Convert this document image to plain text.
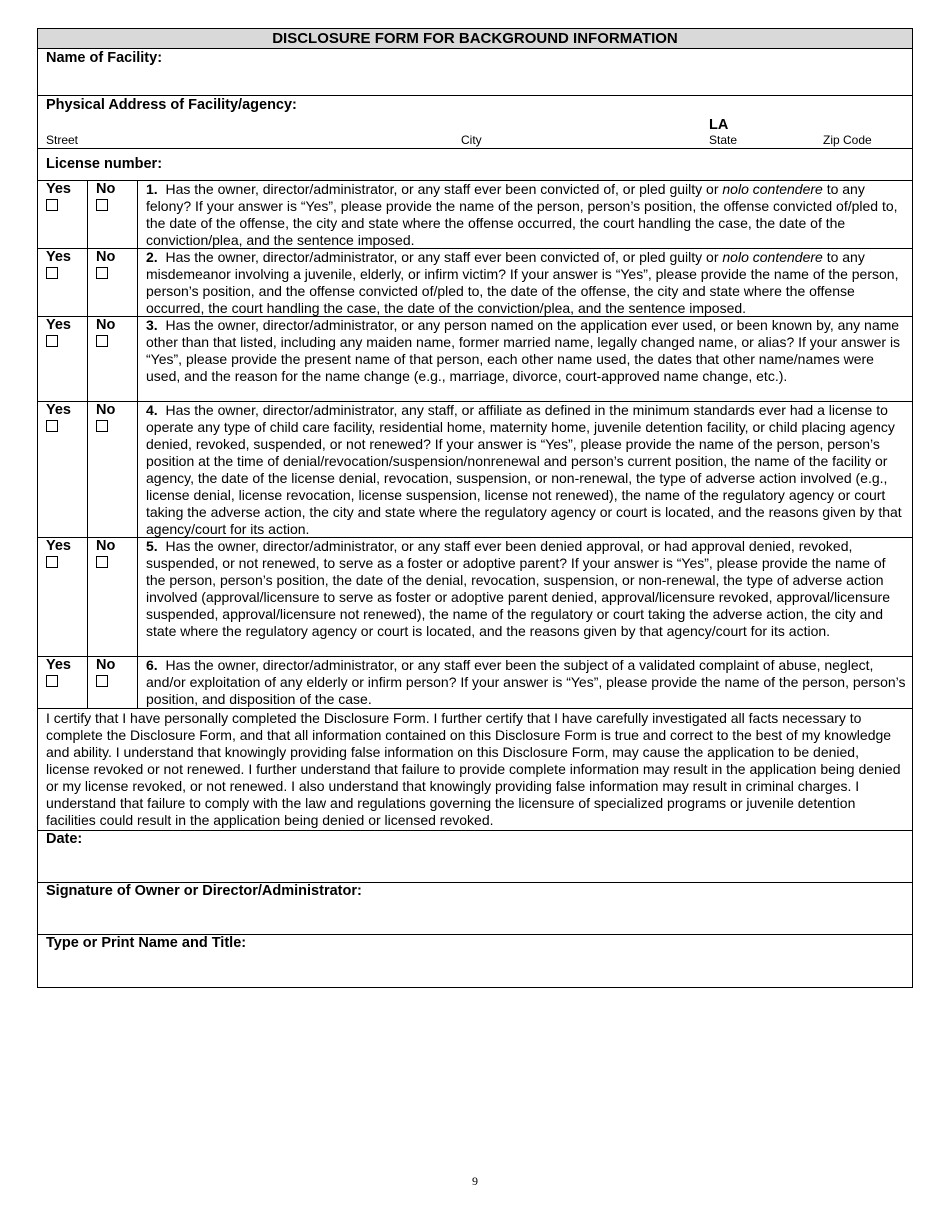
DISCLOSURE FORM FOR BACKGROUND INFORMATION
Name of Facility:
Physical Address of Facility/agency:
LA
Street	City	State	Zip Code
License number:
Yes	No	1. Has the owner, director/administrator, or any staff ever been convicted of, or pled guilty or nolo contendere to any felony? If your answer is “Yes”, please provide the name of the person, person’s position, the offense convicted of/pled to, the date of the offense, the city and state where the offense occurred, the court handling the case, the date of the conviction/plea, and the sentence imposed.
Yes	No	2. Has the owner, director/administrator, or any staff ever been convicted of, or pled guilty or nolo contendere to any misdemeanor involving a juvenile, elderly, or infirm victim? If your answer is “Yes”, please provide the name of the person, person’s position, and the offense convicted of/pled to, the date of the offense, the city and state where the offense occurred, the court handling the case, the date of the conviction/plea, and the sentence imposed.
Yes	No	3. Has the owner, director/administrator, or any person named on the application ever used, or been known by, any name other than that listed, including any maiden name, former married name, legally changed name, or alias? If your answer is “Yes”, please provide the present name of that person, each other name used, the dates that other name/names were used, and the reason for the name change (e.g., marriage, divorce, court-approved name change, etc.).
Yes	No	4. Has the owner, director/administrator, any staff, or affiliate as defined in the minimum standards ever had a license to operate any type of child care facility, residential home, maternity home, juvenile detention facility, or child placing agency denied, revoked, suspended, or not renewed? If your answer is “Yes”, please provide the name of the person, person’s position at the time of denial/revocation/suspension/nonrenewal and person’s current position, the name of the facility or agency, the date of the license denial, revocation, suspension, or non-renewal, the type of adverse action involved (e.g., license denial, license revocation, license suspension, license not renewed), the name of the regulatory agency or court taking the adverse action, the city and state where the regulatory agency or court is located, and the reasons given by that agency/court for its action.
Yes	No	5. Has the owner, director/administrator, or any staff ever been denied approval, or had approval denied, revoked, suspended, or not renewed, to serve as a foster or adoptive parent? If your answer is “Yes”, please provide the name of the person, person’s position, the date of the denial, revocation, suspension, or non-renewal, the type of adverse action involved (approval/licensure to serve as foster or adoptive parent denied, approval/licensure revoked, approval/licensure suspended, approval/licensure not renewed), the name of the regulatory or court taking the adverse action, the city and state where the regulatory agency or court is located, and the reasons given by that agency/court for its action.
Yes	No	6. Has the owner, director/administrator, or any staff ever been the subject of a validated complaint of abuse, neglect, and/or exploitation of any elderly or infirm person? If your answer is “Yes”, please provide the name of the person, person’s position, and disposition of the case.
I certify that I have personally completed the Disclosure Form. I further certify that I have carefully investigated all facts necessary to complete the Disclosure Form, and that all information contained on this Disclosure Form is true and correct to the best of my knowledge and ability. I understand that knowingly providing false information on this Disclosure Form, may cause the application to be denied, license revoked or not renewed. I further understand that failure to provide complete information may result in the application being denied or my license revoked, or not renewed. I also understand that knowingly providing false information may result in criminal charges. I understand that failure to comply with the law and regulations governing the licensure of specialized programs or juvenile detention facilities could result in the application being denied or licensed revoked.
Date:
Signature of Owner or Director/Administrator:
Type or Print Name and Title:
9
